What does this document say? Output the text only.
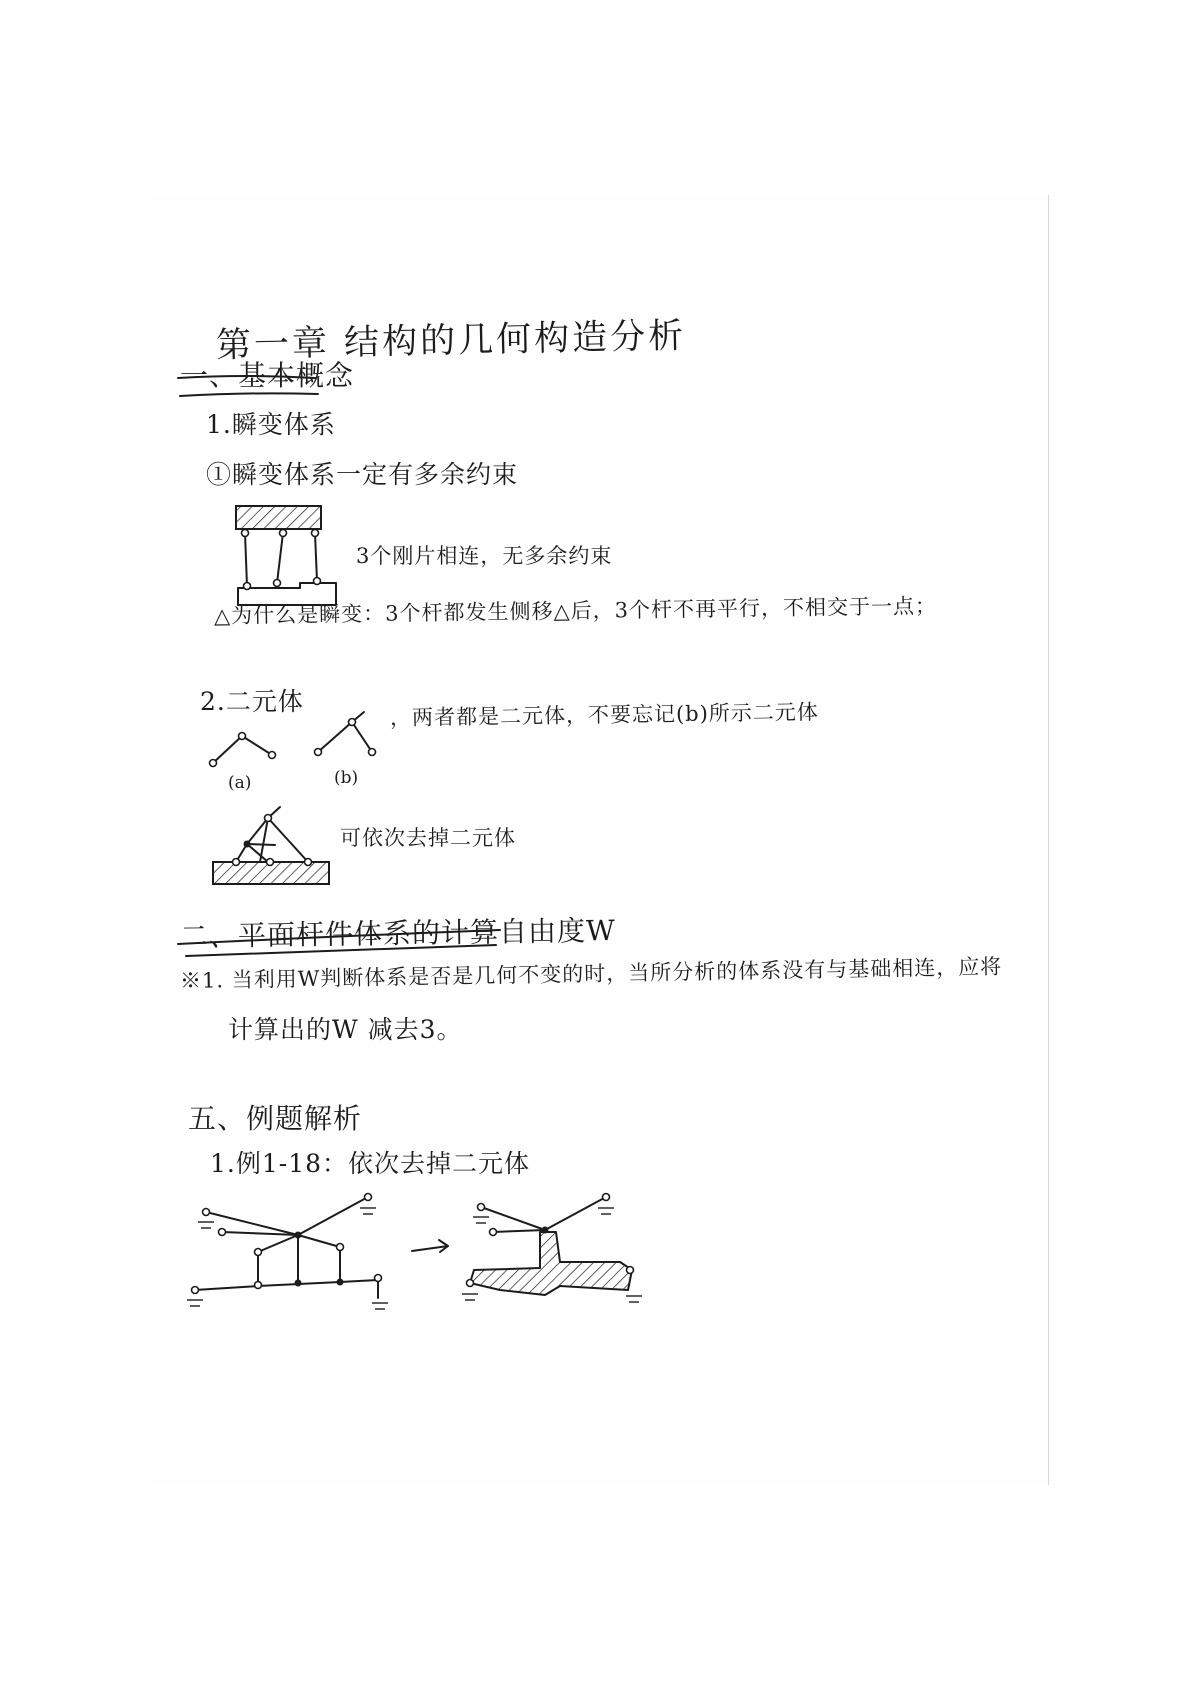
第一章 结构的几何构造分析
一、基本概念
1.瞬变体系
①瞬变体系一定有多余约束
3个刚片相连，无多余约束
△为什么是瞬变：3个杆都发生侧移△后，3个杆不再平行，不相交于一点；
2.二元体
(a)	(b)
，两者都是二元体，不要忘记(b)所示二元体
可依次去掉二元体
二、平面杆件体系的计算自由度W
※1. 当利用W判断体系是否是几何不变的时，当所分析的体系没有与基础相连，应将
计算出的W 减去3。
五、例题解析
1.例1-18：依次去掉二元体
